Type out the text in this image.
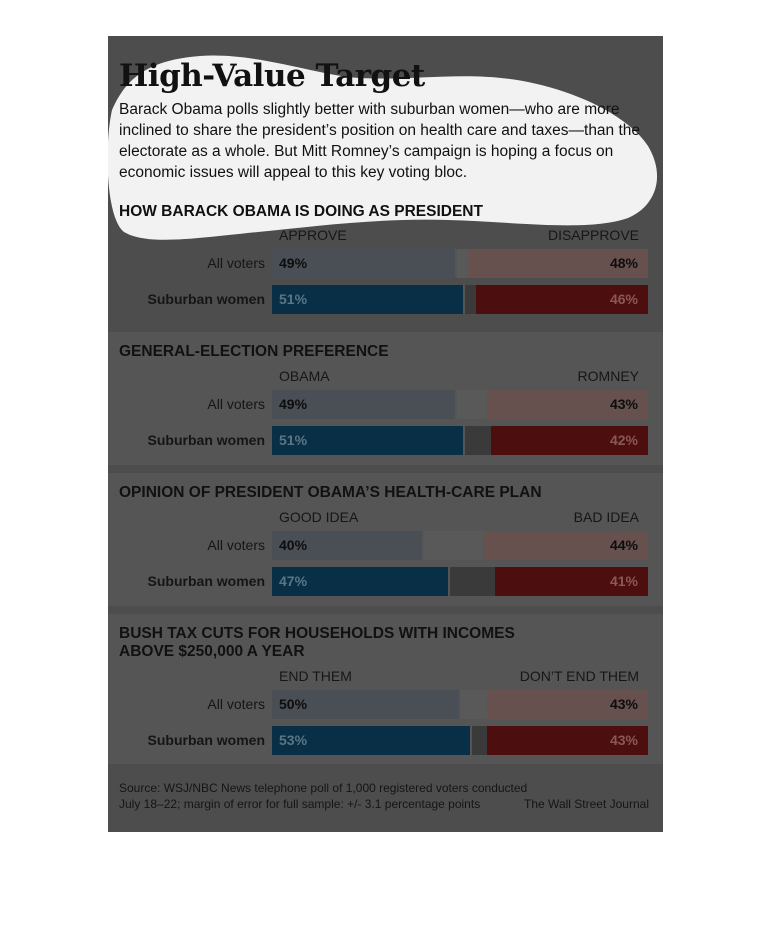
High-Value Target

Barack Obama polls slightly better with suburban women—who are more inclined to share the president’s position on health care and taxes—than the electorate as a whole. But Mitt Romney’s campaign is hoping a focus on economic issues will appeal to this key voting bloc.

HOW BARACK OBAMA IS DOING AS PRESIDENT
APPROVE	DISAPPROVE
All voters 49%	48%
Suburban women 51%	46%
GENERAL-ELECTION PREFERENCE
OBAMA	ROMNEY
All voters 49%	43%
Suburban women 51%	42%
OPINION OF PRESIDENT OBAMA’S HEALTH-CARE PLAN
GOOD IDEA	BAD IDEA
All voters 40%	44%
Suburban women 47%	41%
BUSH TAX CUTS FOR HOUSEHOLDS WITH INCOMES ABOVE $250,000 A YEAR
END THEM	DON’T END THEM
All voters 50%	43%
Suburban women 53%	43%

Source: WSJ/NBC News telephone poll of 1,000 registered voters conducted July 18–22; margin of error for full sample: +/- 3.1 percentage points	The Wall Street Journal
